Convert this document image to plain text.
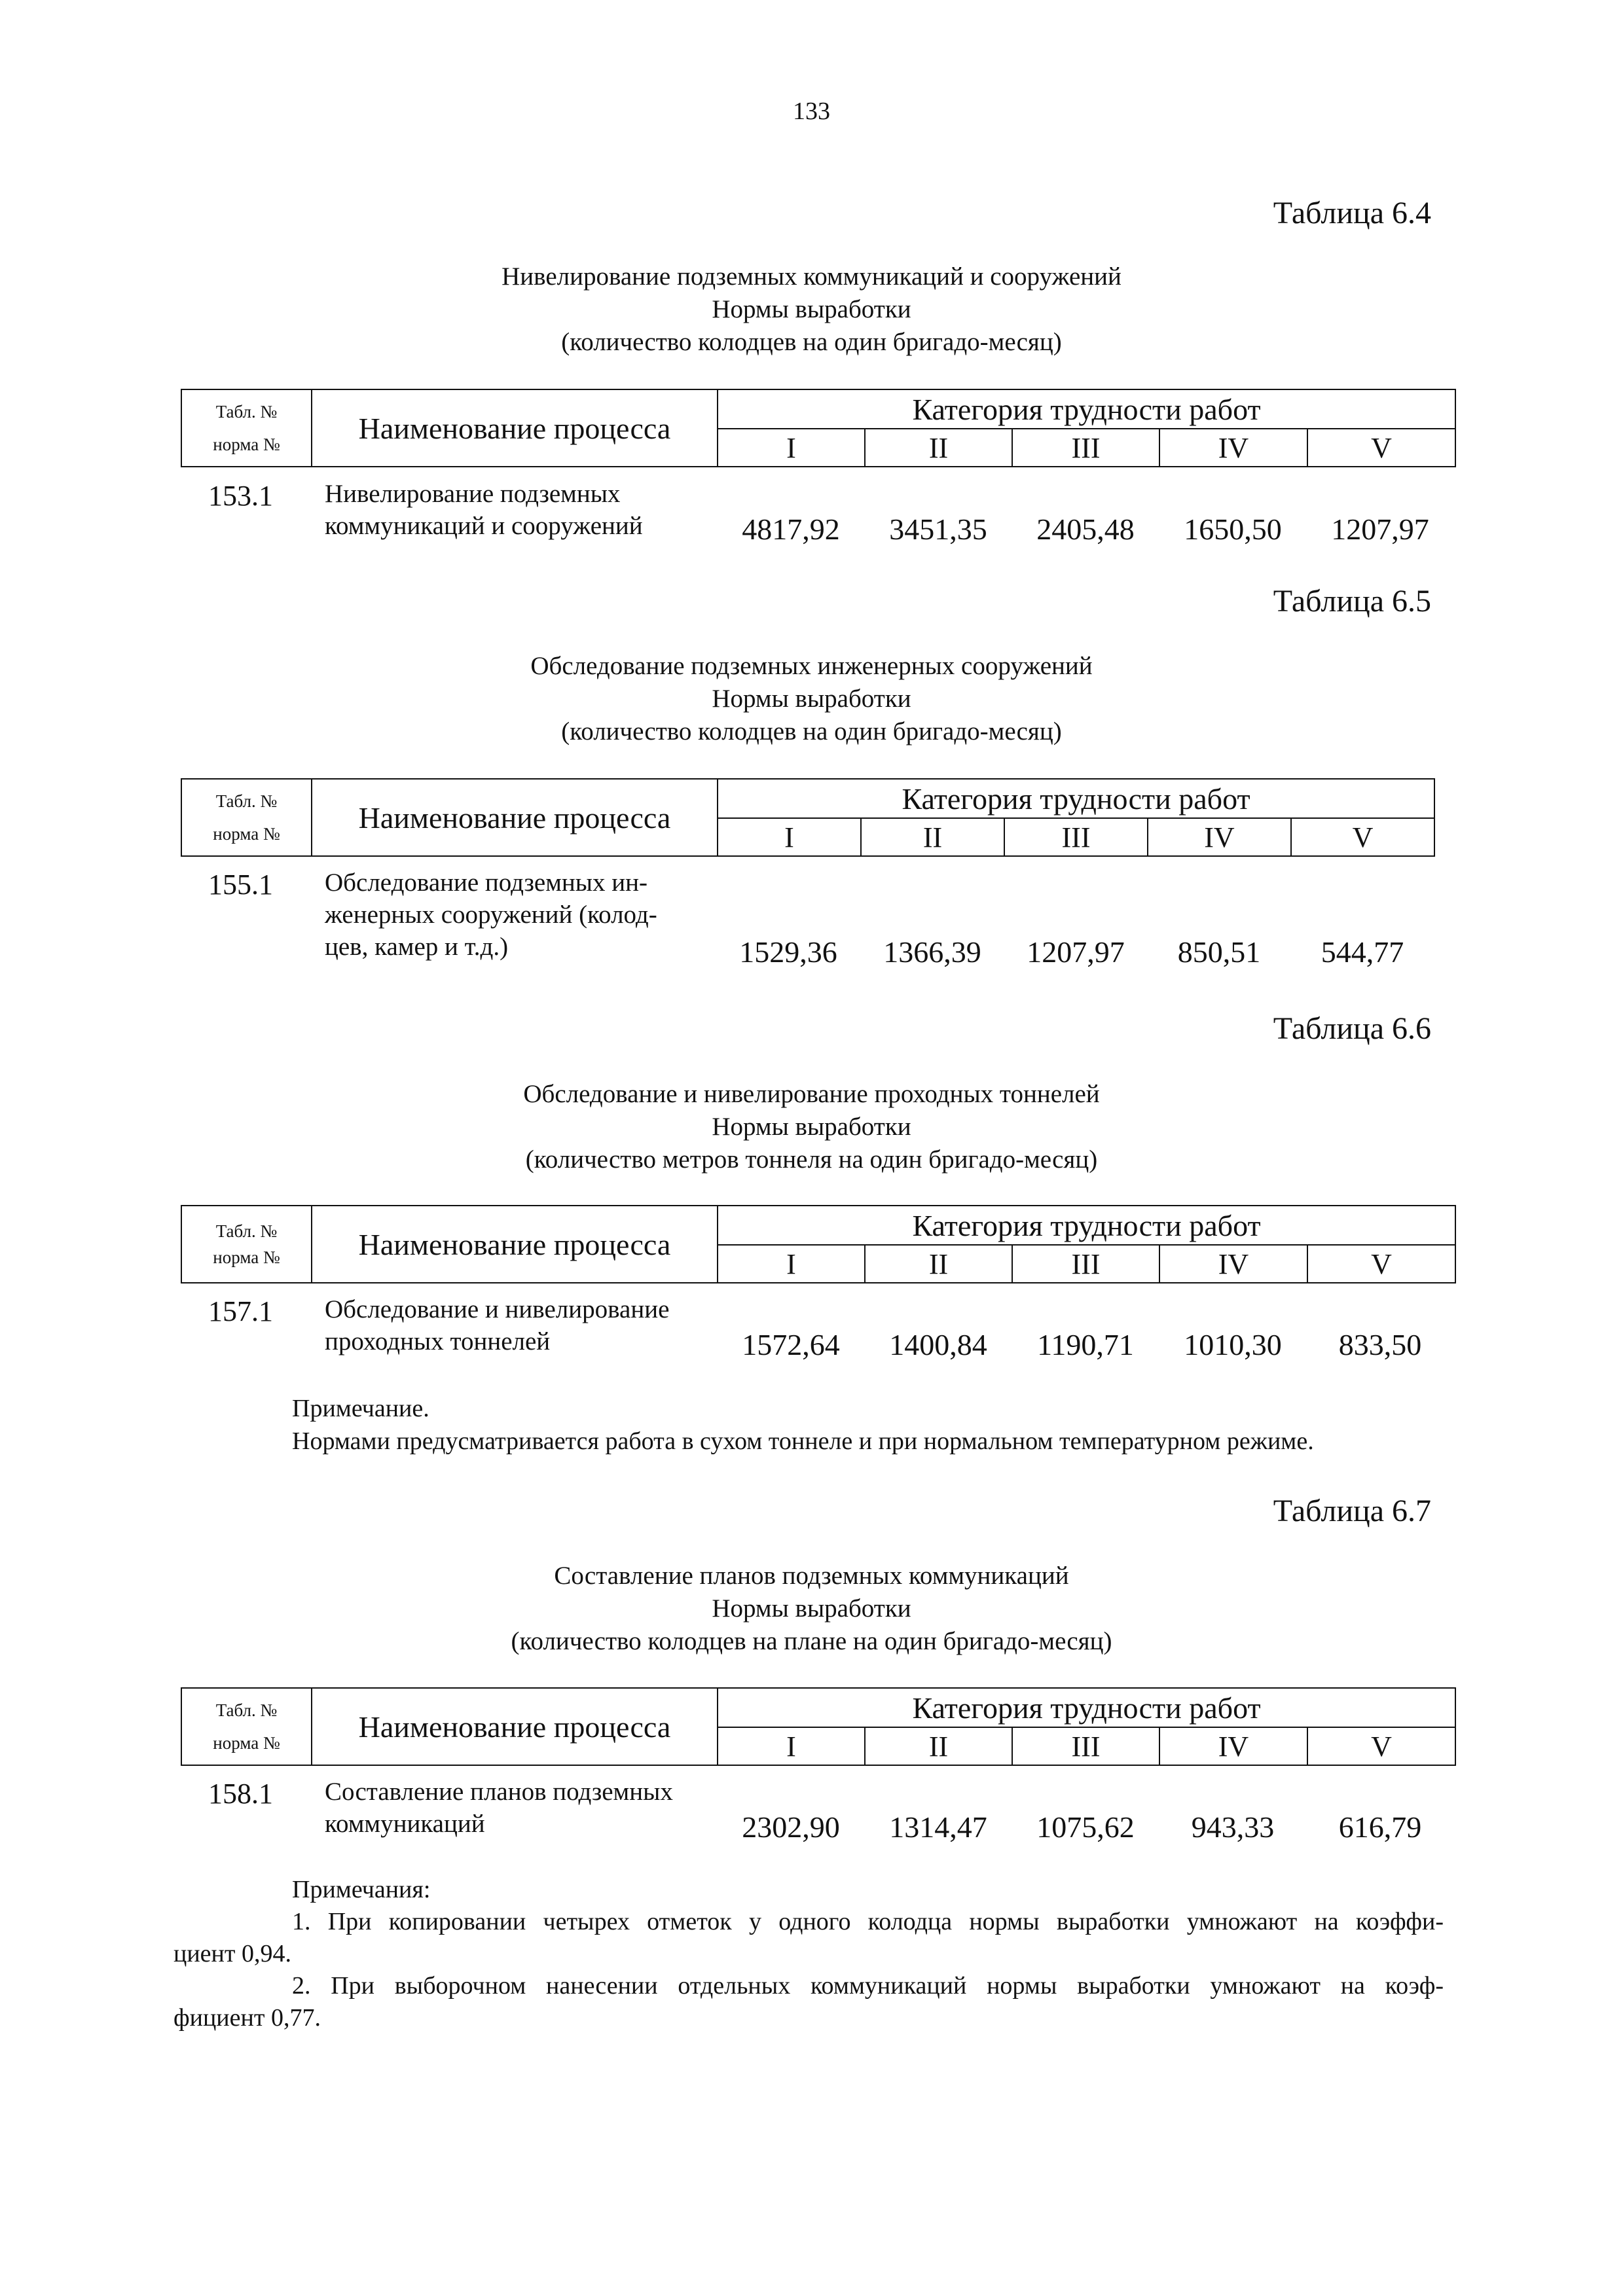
133
Таблица 6.4
Нивелирование подземных коммуникаций и сооружений
Нормы выработки
(количество колодцев на один бригадо-месяц)
Табл. №
норма №	Наименование процесса	Категория трудности работ				
		I	II	III	IV	V
153.1 Нивелирование подземных
коммуникаций и сооружений	4817,92	3451,35	2405,48	1650,50	1207,97
Таблица 6.5
Обследование подземных инженерных сооружений
Нормы выработки
(количество колодцев на один бригадо-месяц)
Табл. №
норма №	Наименование процесса	Категория трудности работ				
		I	II	III	IV	V
155.1 Обследование подземных ин-
женерных сооружений (колод-
цев, камер и т.д.)	1529,36	1366,39	1207,97	850,51	544,77
Таблица 6.6
Обследование и нивелирование проходных тоннелей
Нормы выработки
(количество метров тоннеля на один бригадо-месяц)
Табл. №
норма №	Наименование процесса	Категория трудности работ				
		I	II	III	IV	V
157.1 Обследование и нивелирование
проходных тоннелей	1572,64	1400,84	1190,71	1010,30	833,50
Примечание.
Нормами предусматривается работа в сухом тоннеле и при нормальном температурном режиме.
Таблица 6.7
Составление планов подземных коммуникаций
Нормы выработки
(количество колодцев на плане на один бригадо-месяц)
Табл. №
норма №	Наименование процесса	Категория трудности работ				
		I	II	III	IV	V
158.1 Составление планов подземных
коммуникаций	2302,90	1314,47	1075,62	943,33	616,79
Примечания:
1. При копировании четырех отметок у одного колодца нормы выработки умножают на коэффи-
циент 0,94.
2. При выборочном нанесении отдельных коммуникаций нормы выработки умножают на коэф-
фициент 0,77.
